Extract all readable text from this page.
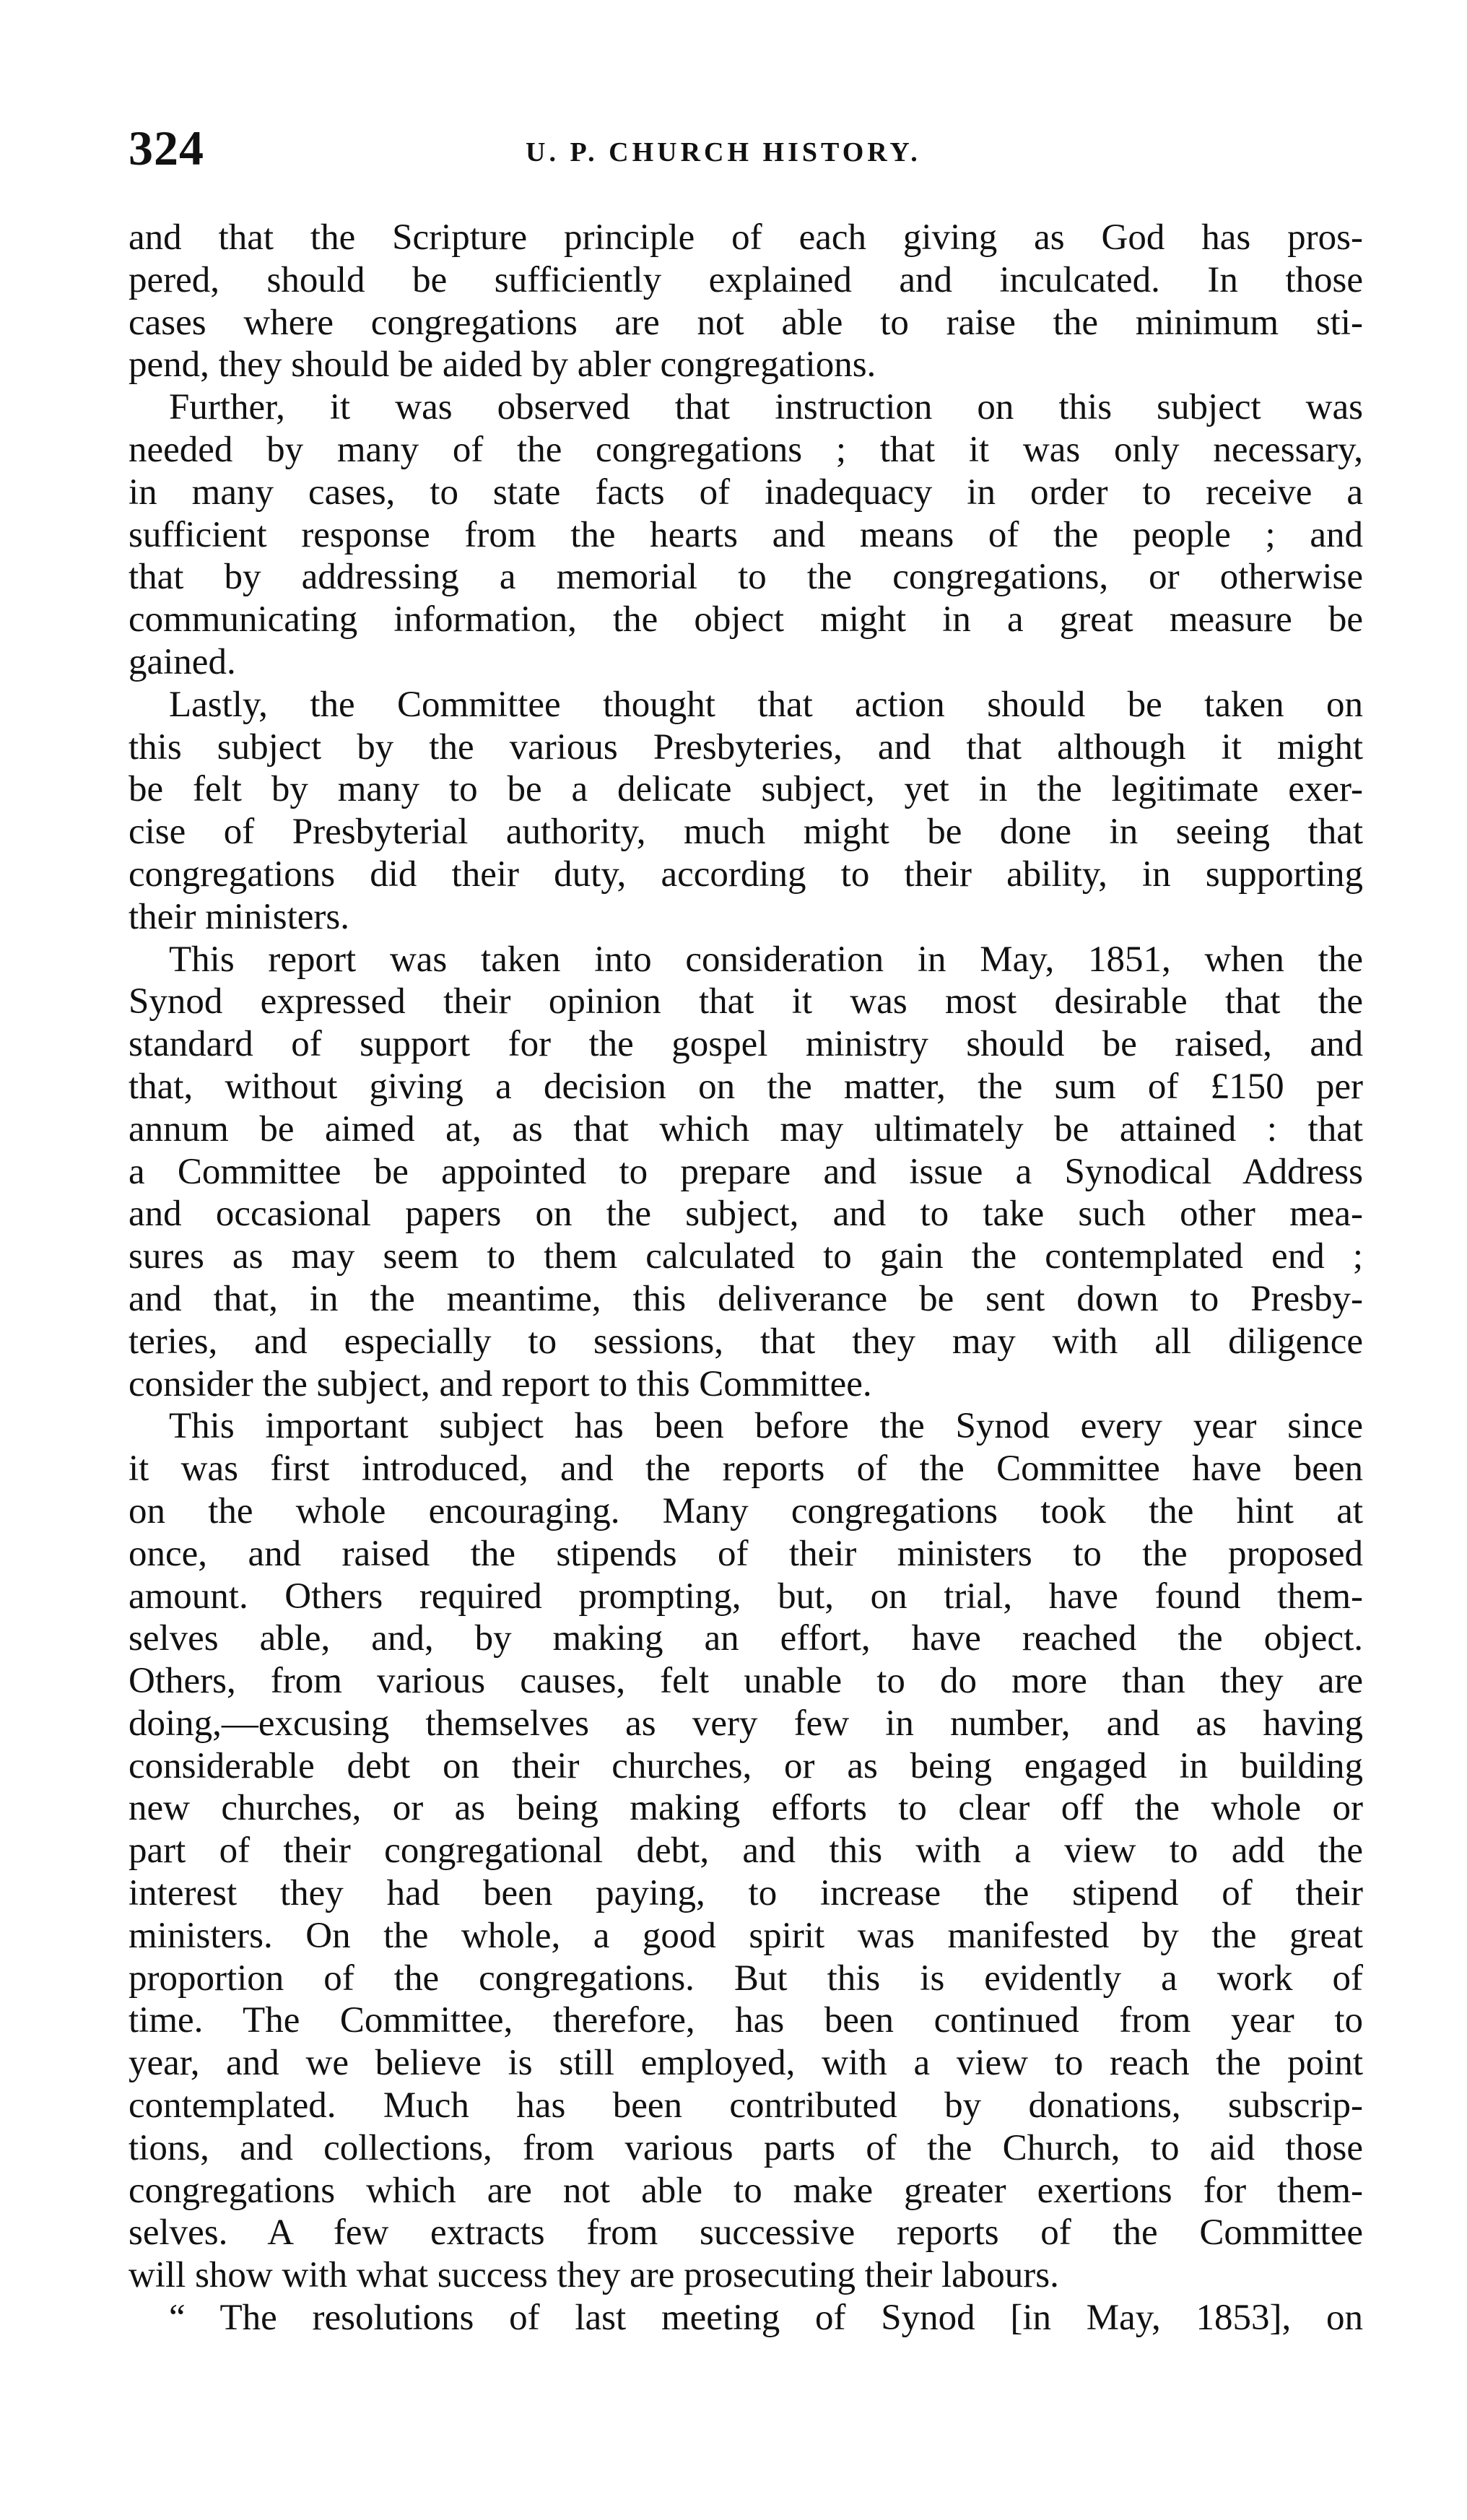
324	U. P. CHURCH HISTORY.
and that the Scripture principle of each giving as God has pros-
pered, should be sufficiently explained and inculcated. In those
cases where congregations are not able to raise the minimum sti-
pend, they should be aided by abler congregations.
Further, it was observed that instruction on this subject was
needed by many of the congregations ; that it was only necessary,
in many cases, to state facts of inadequacy in order to receive a
sufficient response from the hearts and means of the people ; and
that by addressing a memorial to the congregations, or otherwise
communicating information, the object might in a great measure be
gained.
Lastly, the Committee thought that action should be taken on
this subject by the various Presbyteries, and that although it might
be felt by many to be a delicate subject, yet in the legitimate exer-
cise of Presbyterial authority, much might be done in seeing that
congregations did their duty, according to their ability, in supporting
their ministers.
This report was taken into consideration in May, 1851, when the
Synod expressed their opinion that it was most desirable that the
standard of support for the gospel ministry should be raised, and
that, without giving a decision on the matter, the sum of £150 per
annum be aimed at, as that which may ultimately be attained : that
a Committee be appointed to prepare and issue a Synodical Address
and occasional papers on the subject, and to take such other mea-
sures as may seem to them calculated to gain the contemplated end ;
and that, in the meantime, this deliverance be sent down to Presby-
teries, and especially to sessions, that they may with all diligence
consider the subject, and report to this Committee.
This important subject has been before the Synod every year since
it was first introduced, and the reports of the Committee have been
on the whole encouraging. Many congregations took the hint at
once, and raised the stipends of their ministers to the proposed
amount. Others required prompting, but, on trial, have found them-
selves able, and, by making an effort, have reached the object.
Others, from various causes, felt unable to do more than they are
doing,—excusing themselves as very few in number, and as having
considerable debt on their churches, or as being engaged in building
new churches, or as being making efforts to clear off the whole or
part of their congregational debt, and this with a view to add the
interest they had been paying, to increase the stipend of their
ministers. On the whole, a good spirit was manifested by the great
proportion of the congregations. But this is evidently a work of
time. The Committee, therefore, has been continued from year to
year, and we believe is still employed, with a view to reach the point
contemplated. Much has been contributed by donations, subscrip-
tions, and collections, from various parts of the Church, to aid those
congregations which are not able to make greater exertions for them-
selves. A few extracts from successive reports of the Committee
will show with what success they are prosecuting their labours.
“ The resolutions of last meeting of Synod [in May, 1853], on
